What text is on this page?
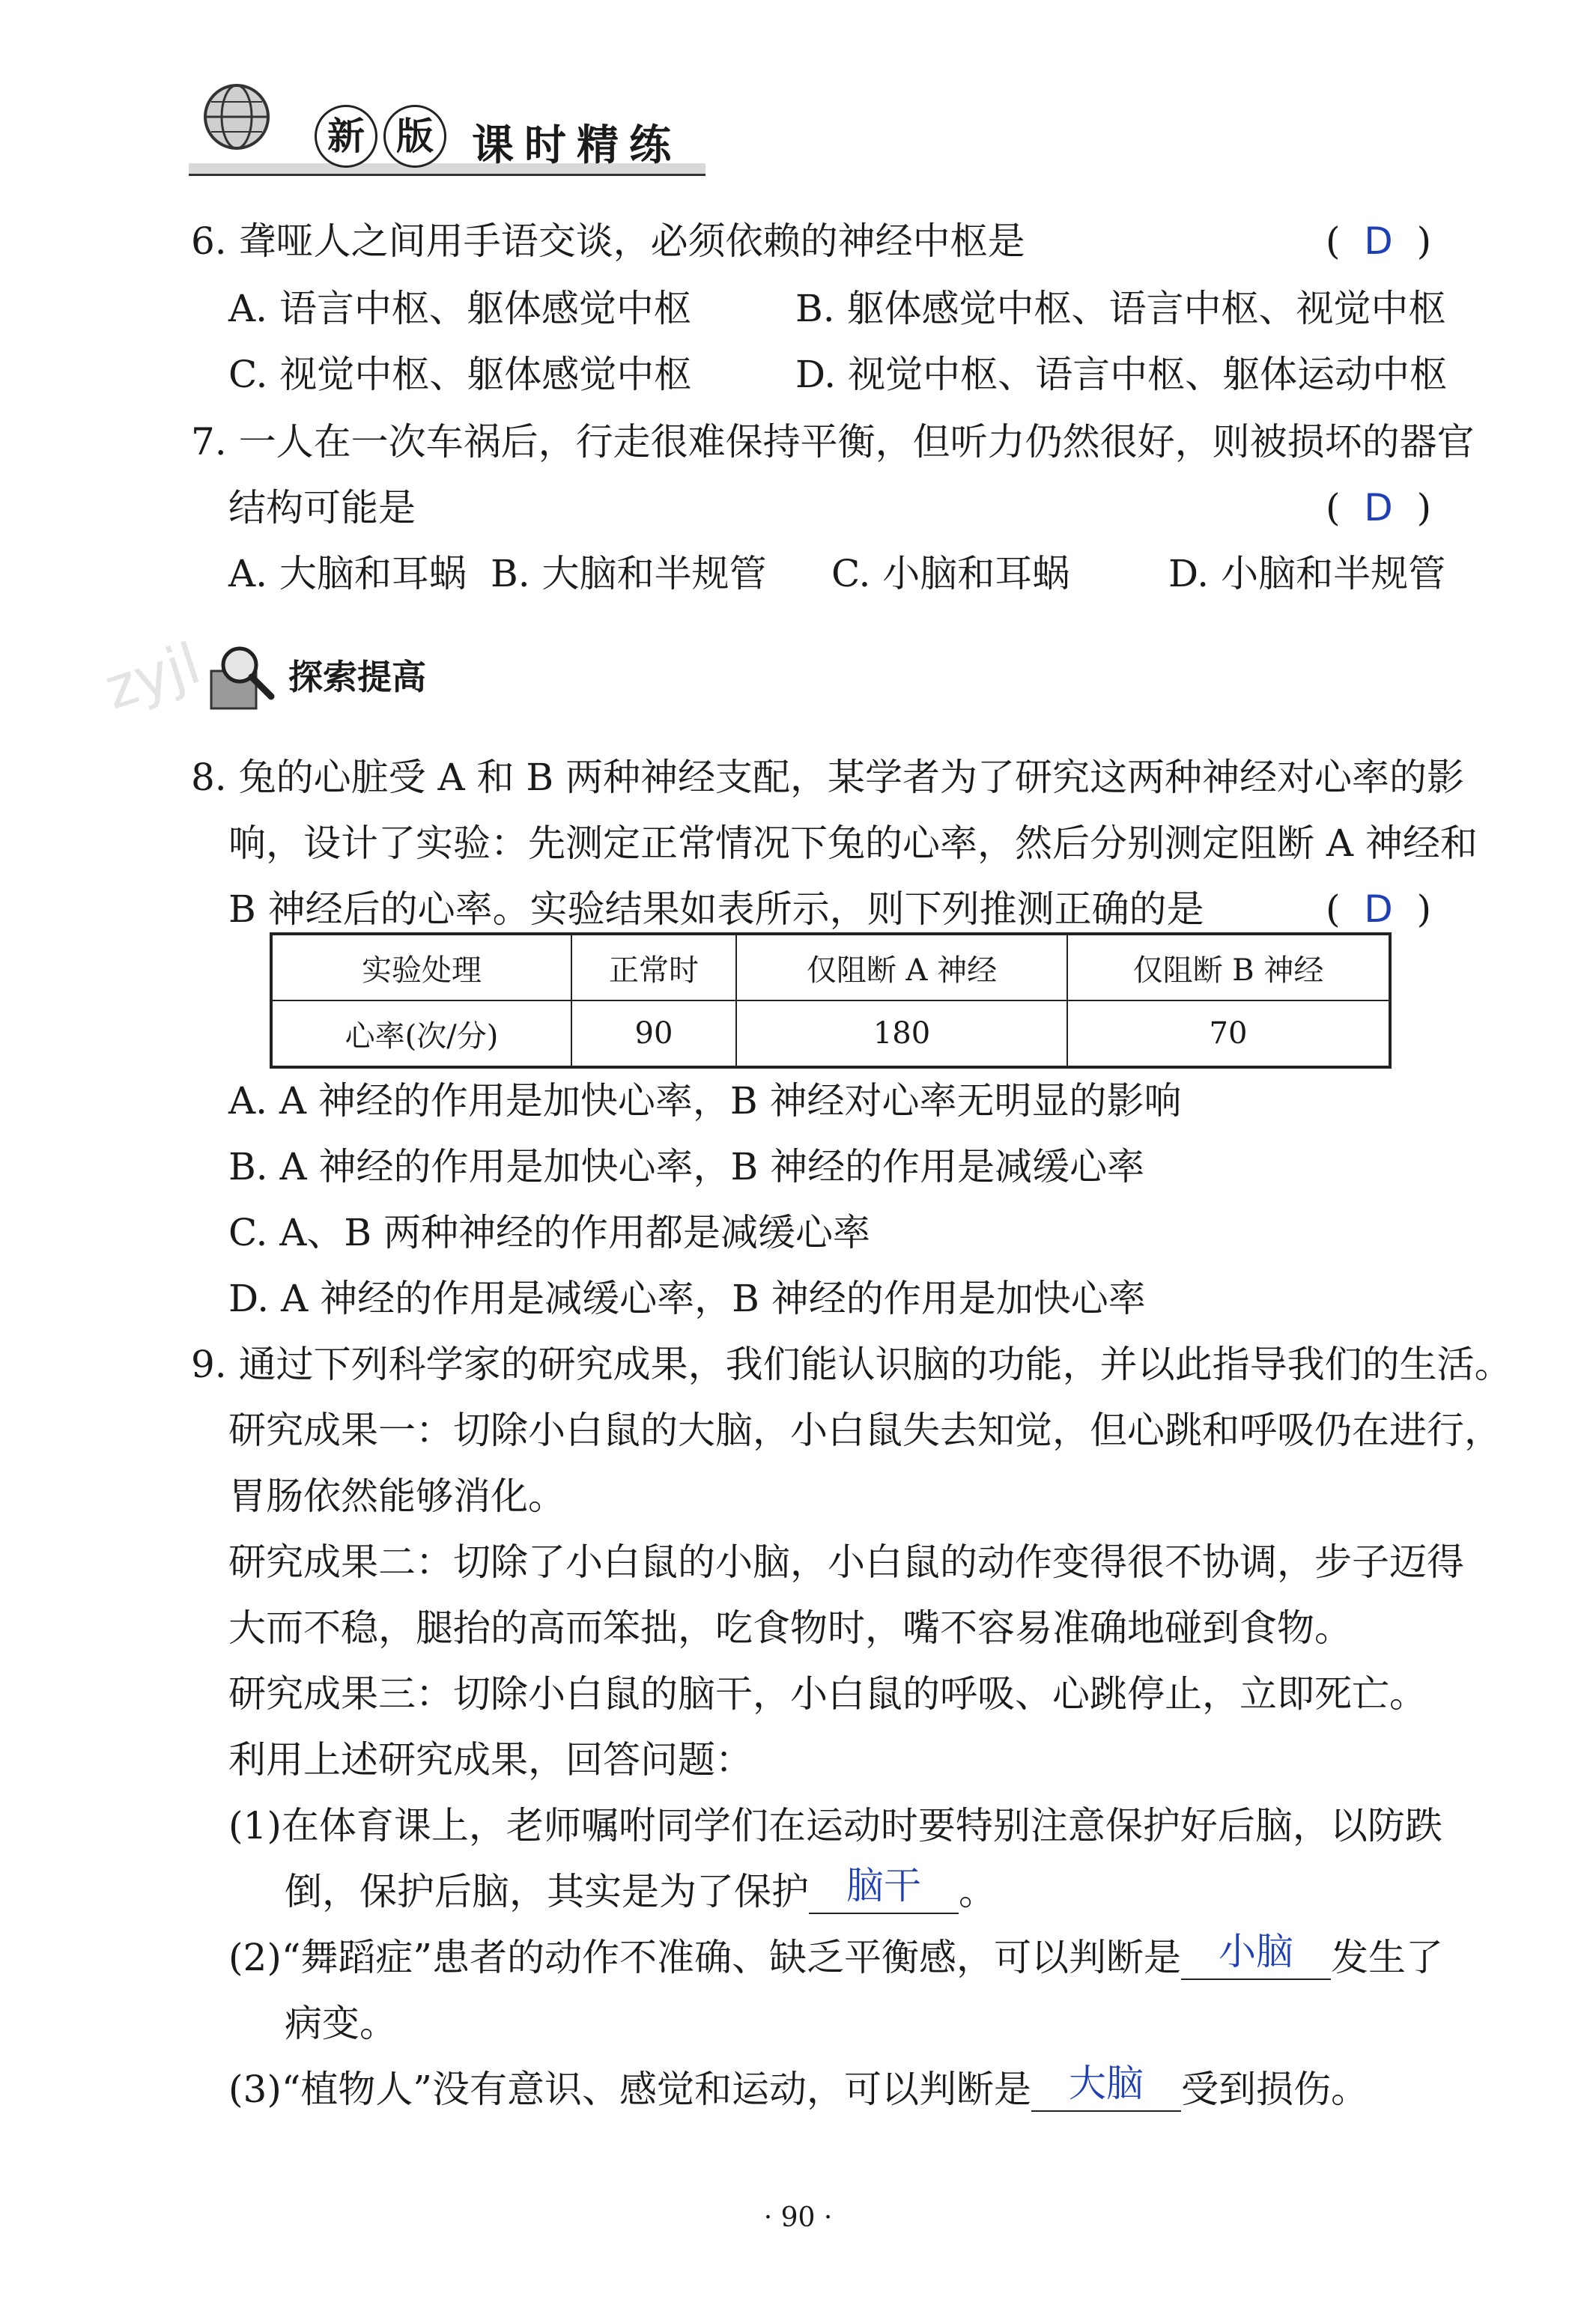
新 版 课时精练
6. 聋哑人之间用手语交谈，必须依赖的神经中枢是	(  D  )
A. 语言中枢、躯体感觉中枢	B. 躯体感觉中枢、语言中枢、视觉中枢
C. 视觉中枢、躯体感觉中枢	D. 视觉中枢、语言中枢、躯体运动中枢
7. 一人在一次车祸后，行走很难保持平衡，但听力仍然很好，则被损坏的器官
结构可能是	(  D  )
A. 大脑和耳蜗 B. 大脑和半规管 C. 小脑和耳蜗	D. 小脑和半规管
zyjl 探索提高
8. 兔的心脏受 A 和 B 两种神经支配，某学者为了研究这两种神经对心率的影
响，设计了实验：先测定正常情况下兔的心率，然后分别测定阻断 A 神经和
B 神经后的心率。实验结果如表所示，则下列推测正确的是	(  D  )
实验处理	正常时	仅阻断 A 神经	仅阻断 B 神经
心率(次/分)	90	180	70
A. A 神经的作用是加快心率，B 神经对心率无明显的影响
B. A 神经的作用是加快心率，B 神经的作用是减缓心率
C. A、B 两种神经的作用都是减缓心率
D. A 神经的作用是减缓心率，B 神经的作用是加快心率
9. 通过下列科学家的研究成果，我们能认识脑的功能，并以此指导我们的生活。
研究成果一：切除小白鼠的大脑，小白鼠失去知觉，但心跳和呼吸仍在进行，
胃肠依然能够消化。
研究成果二：切除了小白鼠的小脑，小白鼠的动作变得很不协调，步子迈得
大而不稳，腿抬的高而笨拙，吃食物时，嘴不容易准确地碰到食物。
研究成果三：切除小白鼠的脑干，小白鼠的呼吸、心跳停止，立即死亡。
利用上述研究成果，回答问题：
(1)在体育课上，老师嘱咐同学们在运动时要特别注意保护好后脑，以防跌
倒，保护后脑，其实是为了保护 脑干 。
(2)“舞蹈症”患者的动作不准确、缺乏平衡感，可以判断是 小脑 发生了
病变。
(3)“植物人”没有意识、感觉和运动，可以判断是 大脑 受到损伤。
· 90 ·
